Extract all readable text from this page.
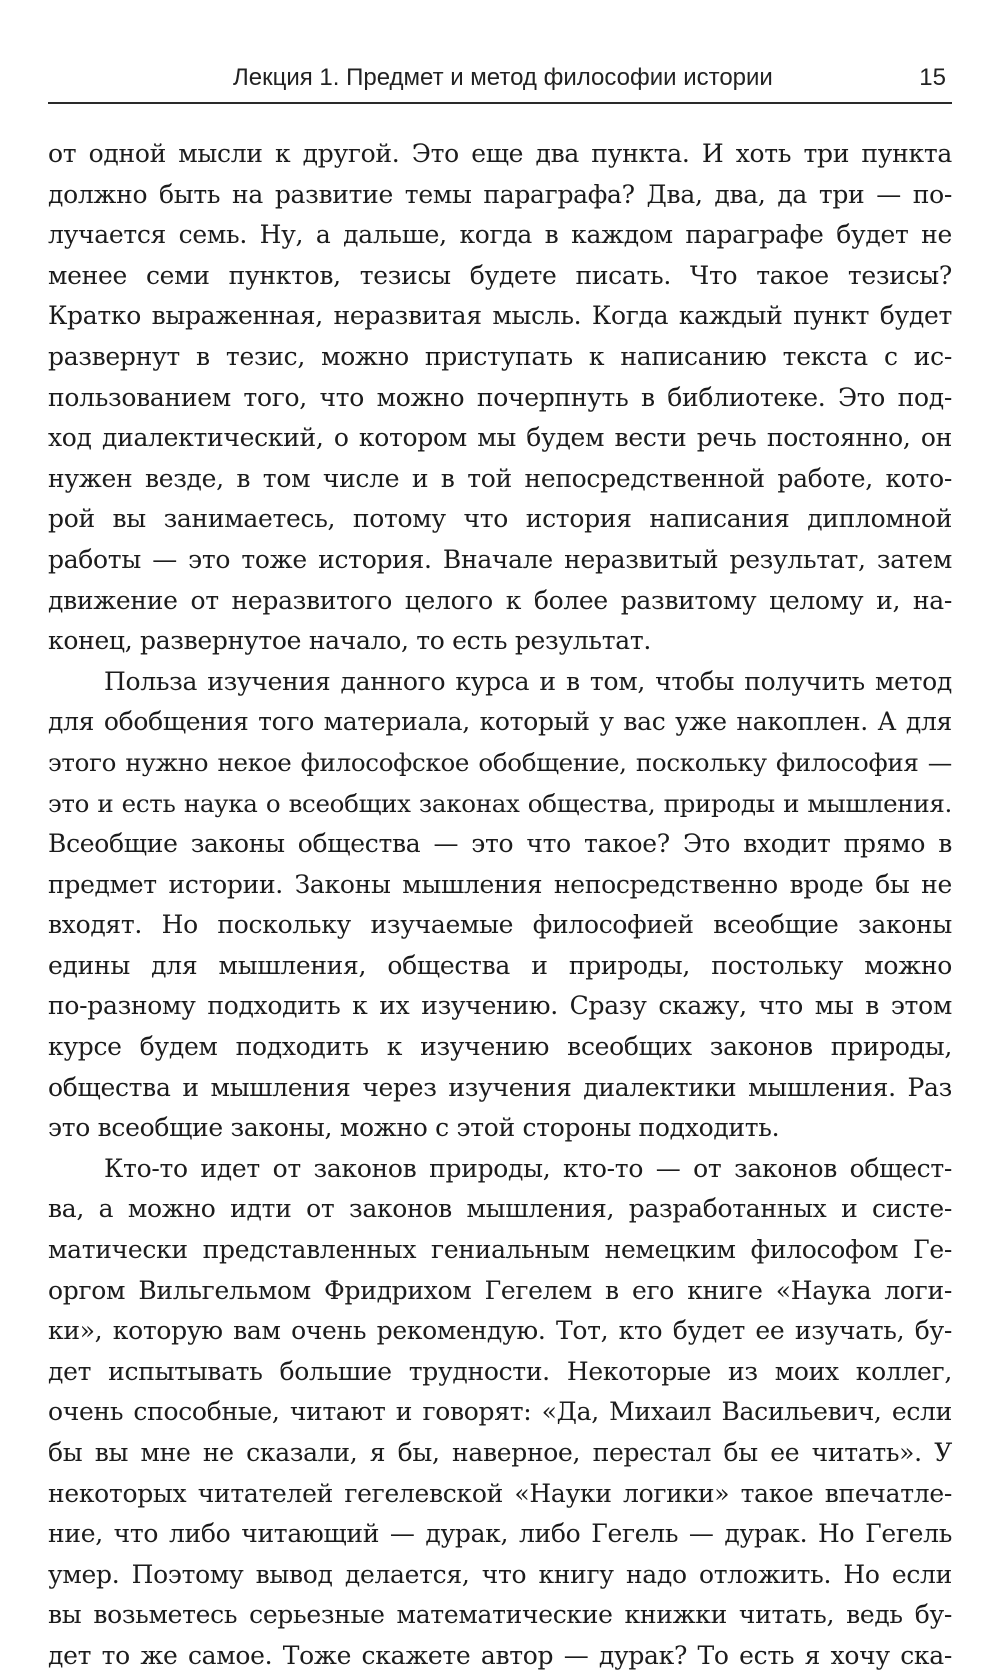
Лекция 1. Предмет и метод философии истории	15
от одной мысли к другой. Это еще два пункта. И хоть три пункта
должно быть на развитие темы параграфа? Два, два, да три — по-
лучается семь. Ну, а дальше, когда в каждом параграфе будет не
менее семи пунктов, тезисы будете писать. Что такое тезисы?
Кратко выраженная, неразвитая мысль. Когда каждый пункт будет
развернут в тезис, можно приступать к написанию текста с ис-
пользованием того, что можно почерпнуть в библиотеке. Это под-
ход диалектический, о котором мы будем вести речь постоянно, он
нужен везде, в том числе и в той непосредственной работе, кото-
рой вы занимаетесь, потому что история написания дипломной
работы — это тоже история. Вначале неразвитый результат, затем
движение от неразвитого целого к более развитому целому и, на-
конец, развернутое начало, то есть результат.
Польза изучения данного курса и в том, чтобы получить метод
для обобщения того материала, который у вас уже накоплен. А для
этого нужно некое философское обобщение, поскольку философия —
это и есть наука о всеобщих законах общества, природы и мышления.
Всеобщие законы общества — это что такое? Это входит прямо в
предмет истории. Законы мышления непосредственно вроде бы не
входят. Но поскольку изучаемые философией всеобщие законы
едины для мышления, общества и природы, постольку можно
по-разному подходить к их изучению. Сразу скажу, что мы в этом
курсе будем подходить к изучению всеобщих законов природы,
общества и мышления через изучения диалектики мышления. Раз
это всеобщие законы, можно с этой стороны подходить.
Кто-то идет от законов природы, кто-то — от законов общест-
ва, а можно идти от законов мышления, разработанных и систе-
матически представленных гениальным немецким философом Ге-
оргом Вильгельмом Фридрихом Гегелем в его книге «Наука логи-
ки», которую вам очень рекомендую. Тот, кто будет ее изучать, бу-
дет испытывать большие трудности. Некоторые из моих коллег,
очень способные, читают и говорят: «Да, Михаил Васильевич, если
бы вы мне не сказали, я бы, наверное, перестал бы ее читать». У
некоторых читателей гегелевской «Науки логики» такое впечатле-
ние, что либо читающий — дурак, либо Гегель — дурак. Но Гегель
умер. Поэтому вывод делается, что книгу надо отложить. Но если
вы возьметесь серьезные математические книжки читать, ведь бу-
дет то же самое. Тоже скажете автор — дурак? То есть я хочу ска-
